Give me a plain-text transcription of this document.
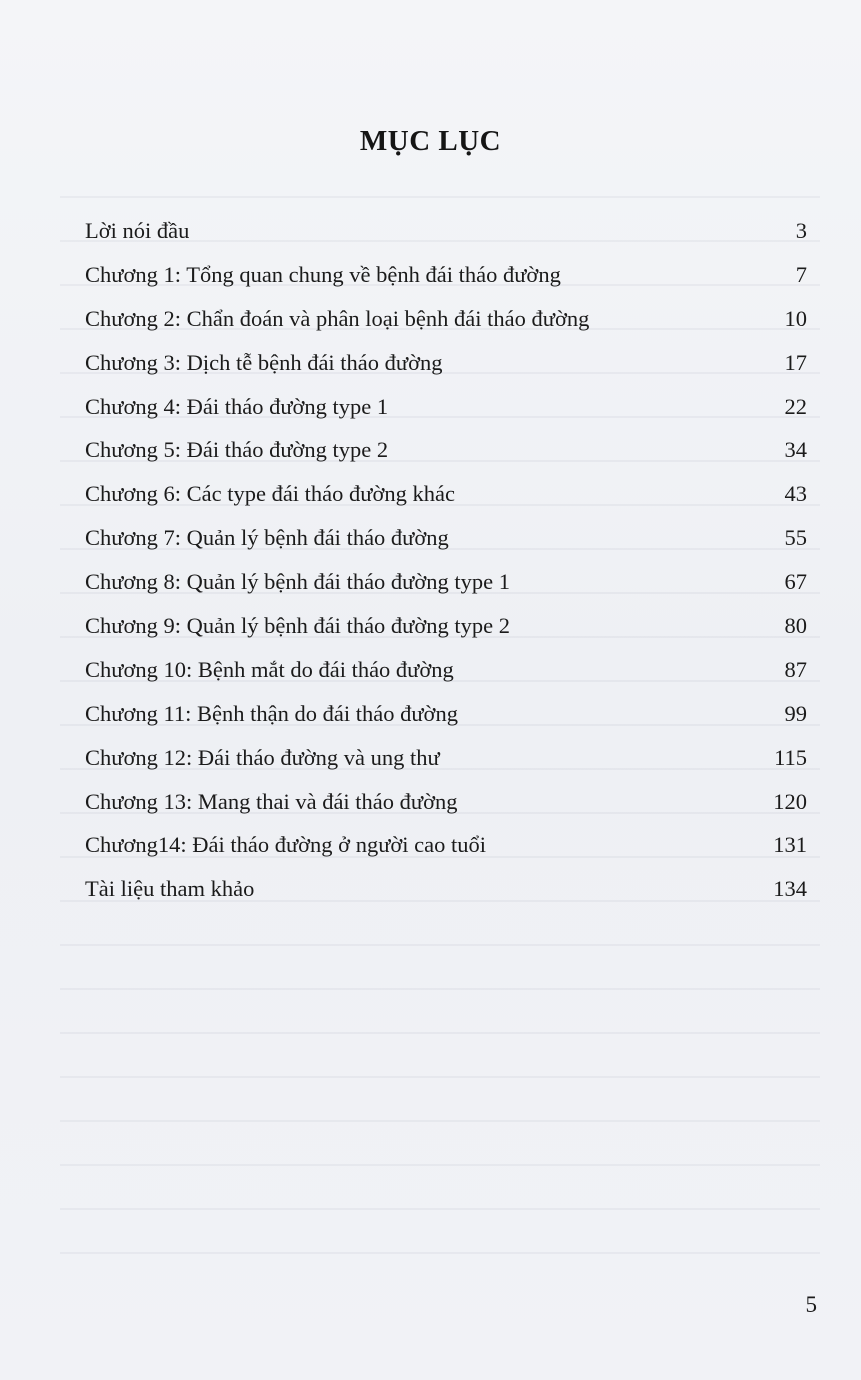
MỤC LỤC
Lời nói đầu	3
Chương 1: Tổng quan chung về bệnh đái tháo đường	7
Chương 2: Chẩn đoán và phân loại bệnh đái tháo đường	10
Chương 3: Dịch tễ bệnh đái tháo đường	17
Chương 4: Đái tháo đường type 1	22
Chương 5: Đái tháo đường type 2	34
Chương 6: Các type đái tháo đường khác	43
Chương 7: Quản lý bệnh đái tháo đường	55
Chương 8: Quản lý bệnh đái tháo đường type 1	67
Chương 9: Quản lý bệnh đái tháo đường type 2	80
Chương 10: Bệnh mắt do đái tháo đường	87
Chương 11: Bệnh thận do đái tháo đường	99
Chương 12: Đái tháo đường và ung thư	115
Chương 13: Mang thai và đái tháo đường	120
Chương14: Đái tháo đường ở người cao tuổi	131
Tài liệu tham khảo	134
5
